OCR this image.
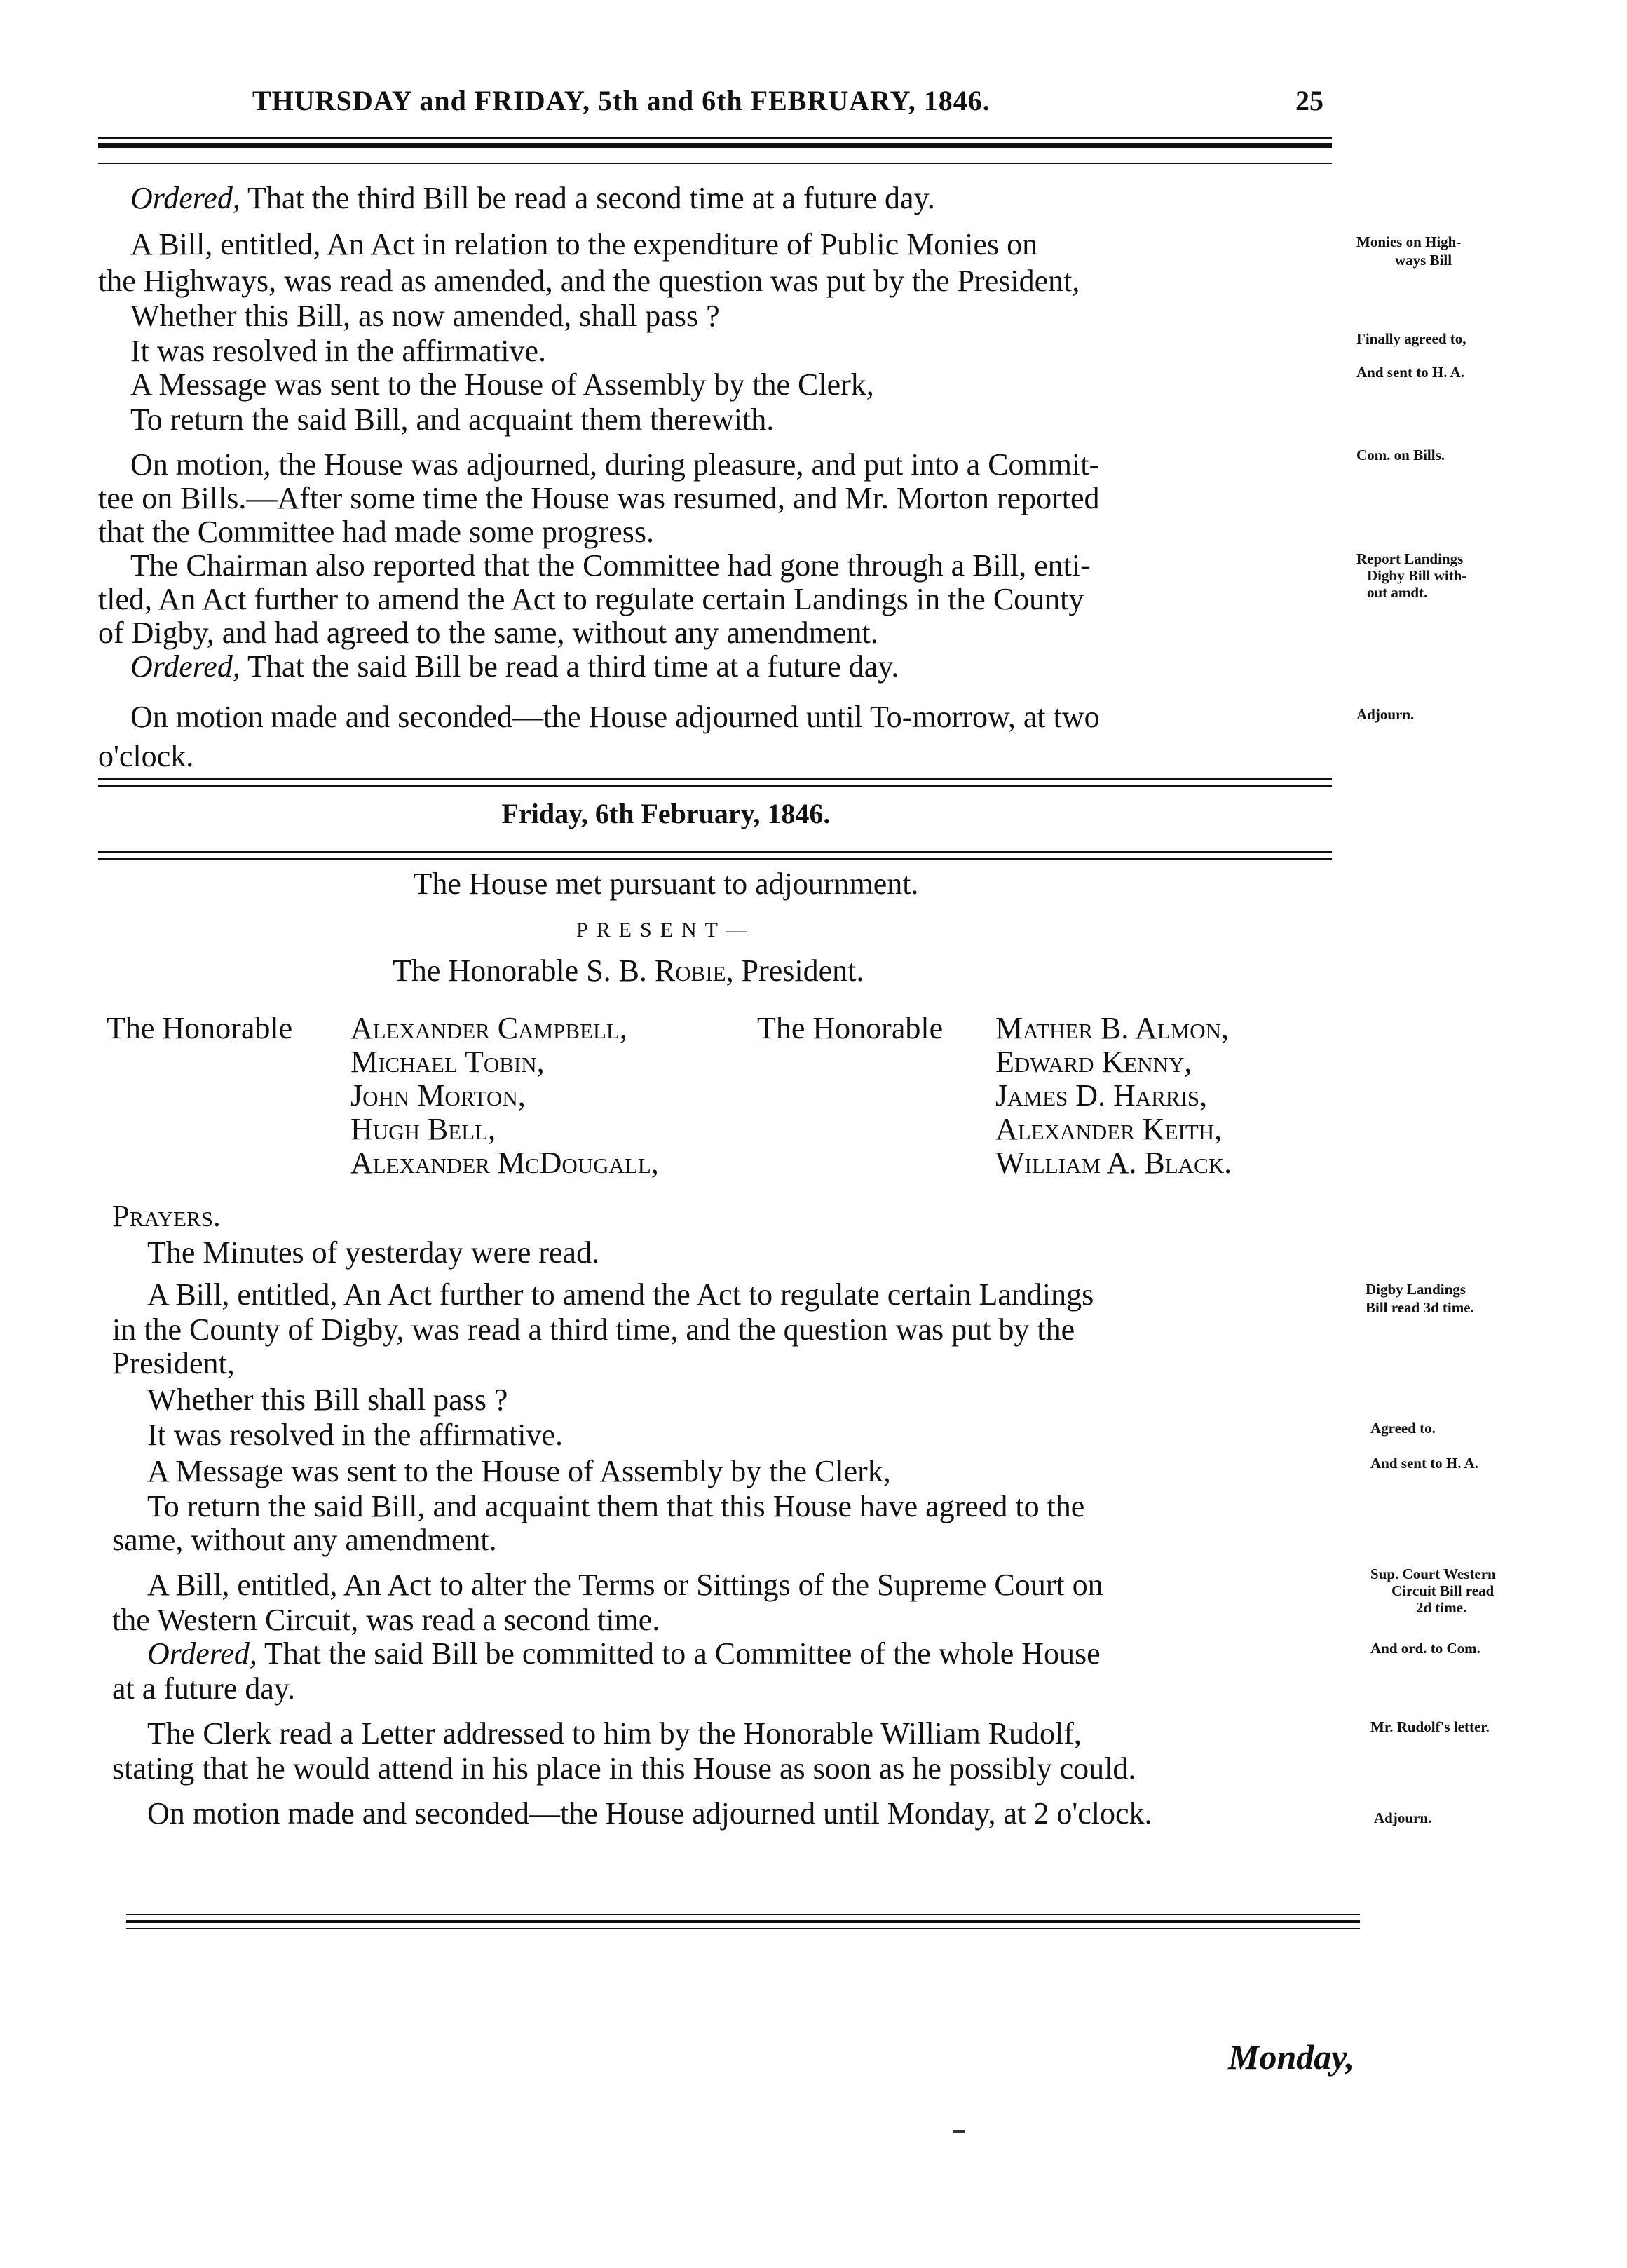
THURSDAY and FRIDAY, 5th and 6th FEBRUARY, 1846.	25
Ordered, That the third Bill be read a second time at a future day.
A Bill, entitled, An Act in relation to the expenditure of Public Monies on
the Highways, was read as amended, and the question was put by the President,
Whether this Bill, as now amended, shall pass ?
It was resolved in the affirmative.
A Message was sent to the House of Assembly by the Clerk,
To return the said Bill, and acquaint them therewith.
On motion, the House was adjourned, during pleasure, and put into a Commit-
tee on Bills.—After some time the House was resumed, and Mr. Morton reported
that the Committee had made some progress.
The Chairman also reported that the Committee had gone through a Bill, enti-
tled, An Act further to amend the Act to regulate certain Landings in the County
of Digby, and had agreed to the same, without any amendment.
Ordered, That the said Bill be read a third time at a future day.
On motion made and seconded—the House adjourned until To-morrow, at two
o'clock.
Friday, 6th February, 1846.
The House met pursuant to adjournment.
PRESENT—
The Honorable S. B. Robie, President.
The Honorable Alexander Campbell,
Michael Tobin,
John Morton,
Hugh Bell,
Alexander McDougall,
The Honorable Mather B. Almon,
Edward Kenny,
James D. Harris,
Alexander Keith,
William A. Black.
Prayers.
The Minutes of yesterday were read.
A Bill, entitled, An Act further to amend the Act to regulate certain Landings
in the County of Digby, was read a third time, and the question was put by the
President,
Whether this Bill shall pass ?
It was resolved in the affirmative.
A Message was sent to the House of Assembly by the Clerk,
To return the said Bill, and acquaint them that this House have agreed to the
same, without any amendment.
A Bill, entitled, An Act to alter the Terms or Sittings of the Supreme Court on
the Western Circuit, was read a second time.
Ordered, That the said Bill be committed to a Committee of the whole House
at a future day.
The Clerk read a Letter addressed to him by the Honorable William Rudolf,
stating that he would attend in his place in this House as soon as he possibly could.
On motion made and seconded—the House adjourned until Monday, at 2 o'clock.
Monies on High-
ways Bill
Finally agreed to,
And sent to H. A.
Com. on Bills.
Report Landings
Digby Bill with-
out amdt.
Adjourn.
Digby Landings
Bill read 3d time.
Agreed to.
And sent to H. A.
Sup. Court Western
Circuit Bill read
2d time.
And ord. to Com.
Mr. Rudolf's letter.
Adjourn.
Monday,
